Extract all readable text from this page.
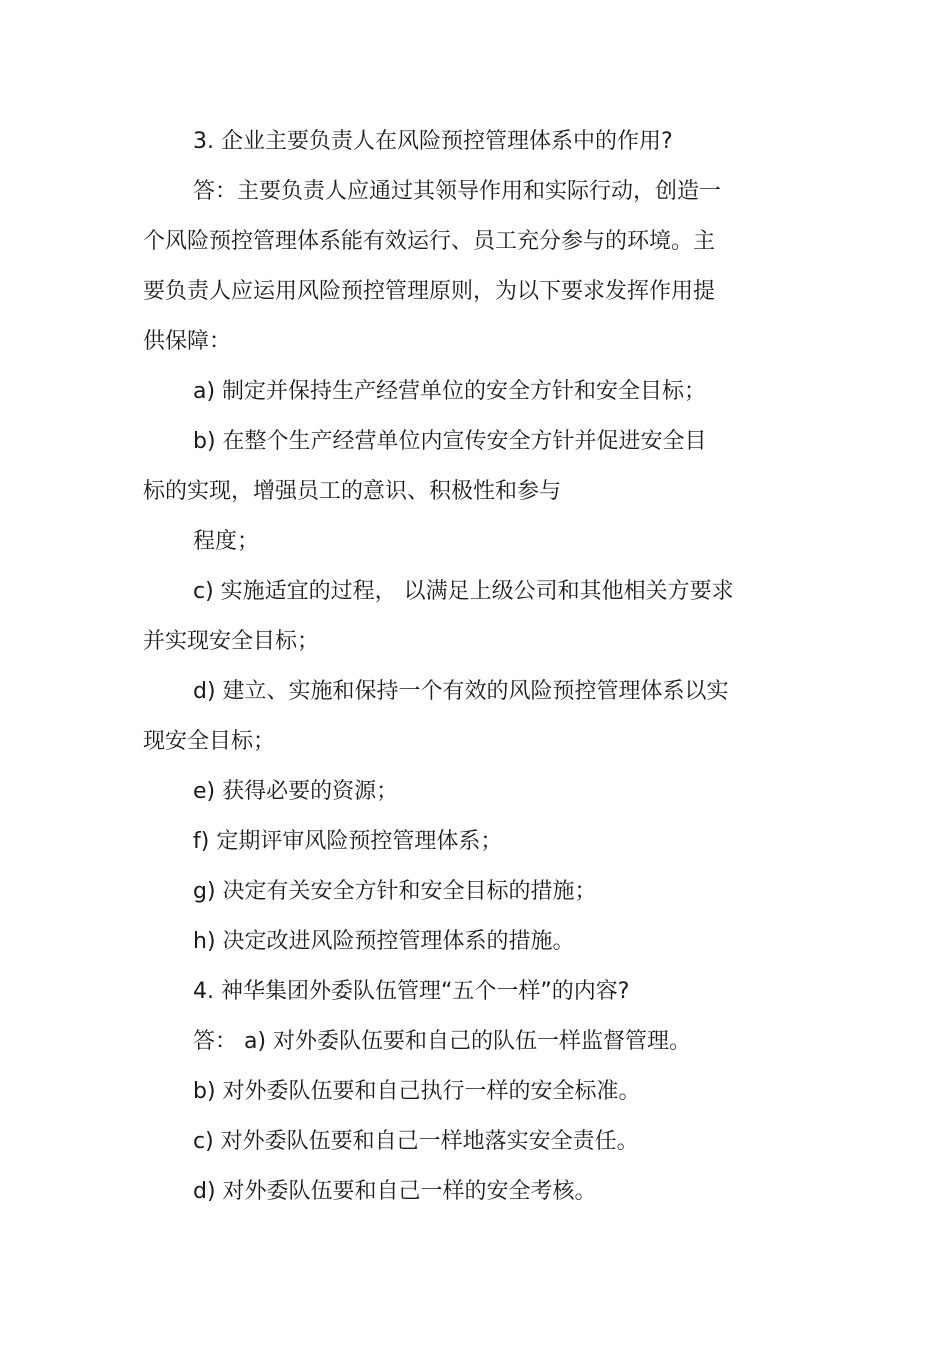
3. 企业主要负责人在风险预控管理体系中的作用?

答：主要负责人应通过其领导作用和实际行动，创造一

个风险预控管理体系能有效运行、员工充分参与的环境。主

要负责人应运用风险预控管理原则，为以下要求发挥作用提

供保障：

a) 制定并保持生产经营单位的安全方针和安全目标；

b) 在整个生产经营单位内宣传安全方针并促进安全目

标的实现，增强员工的意识、积极性和参与

程度；

c) 实施适宜的过程， 以满足上级公司和其他相关方要求

并实现安全目标；

d) 建立、实施和保持一个有效的风险预控管理体系以实

现安全目标；

e) 获得必要的资源；

f) 定期评审风险预控管理体系；

g) 决定有关安全方针和安全目标的措施；

h) 决定改进风险预控管理体系的措施。

4. 神华集团外委队伍管理“五个一样”的内容?

答： a) 对外委队伍要和自己的队伍一样监督管理。

b) 对外委队伍要和自己执行一样的安全标准。

c) 对外委队伍要和自己一样地落实安全责任。

d) 对外委队伍要和自己一样的安全考核。
